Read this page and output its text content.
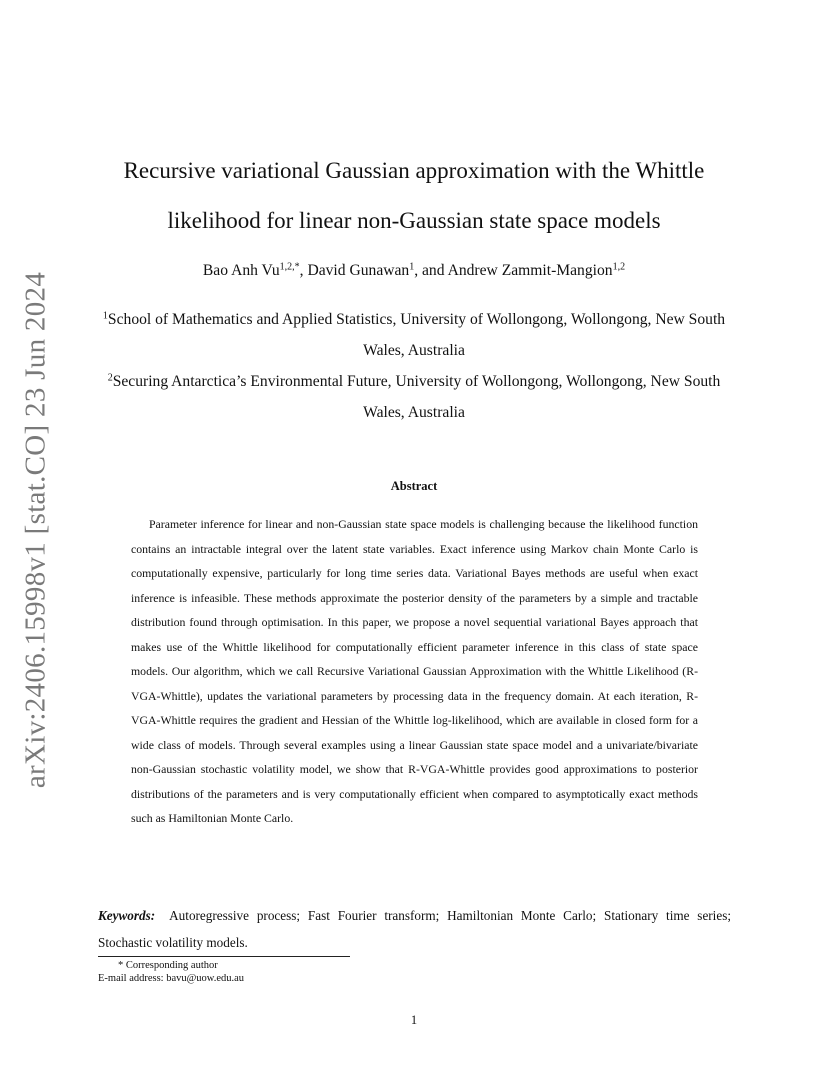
arXiv:2406.15998v1 [stat.CO] 23 Jun 2024
Recursive variational Gaussian approximation with the Whittle
likelihood for linear non-Gaussian state space models
Bao Anh $Vu^{1,2,*}$, David Gunawan$^1$, and Andrew Zammit-Mangion$^{1,2}$
$^1$School of Mathematics and Applied Statistics, University of Wollongong, Wollongong, New South Wales, Australia
$^2$Securing Antarctica’s Environmental Future, University of Wollongong, Wollongong, New South Wales, Australia
Abstract
Parameter inference for linear and non-Gaussian state space models is challenging because the likelihood function contains an intractable integral over the latent state variables. Exact inference using Markov chain Monte Carlo is computationally expensive, particularly for long time series data. Variational Bayes methods are useful when exact inference is infeasible. These methods approximate the posterior density of the parameters by a simple and tractable distribution found through optimisation. In this paper, we propose a novel sequential variational Bayes approach that makes use of the Whittle likelihood for computationally efficient parameter inference in this class of state space models. Our algorithm, which we call Recursive Variational Gaussian Approximation with the Whittle Likelihood (R-VGA-Whittle), updates the variational parameters by processing data in the frequency domain. At each iteration, R-VGA-Whittle requires the gradient and Hessian of the Whittle log-likelihood, which are available in closed form for a wide class of models. Through several examples using a linear Gaussian state space model and a univariate/bivariate non-Gaussian stochastic volatility model, we show that R-VGA-Whittle provides good approximations to posterior distributions of the parameters and is very computationally efficient when compared to asymptotically exact methods such as Hamiltonian Monte Carlo.
Keywords: Autoregressive process; Fast Fourier transform; Hamiltonian Monte Carlo; Stationary time series; Stochastic volatility models.
* Corresponding author
E-mail address: bavu@uow.edu.au
1
